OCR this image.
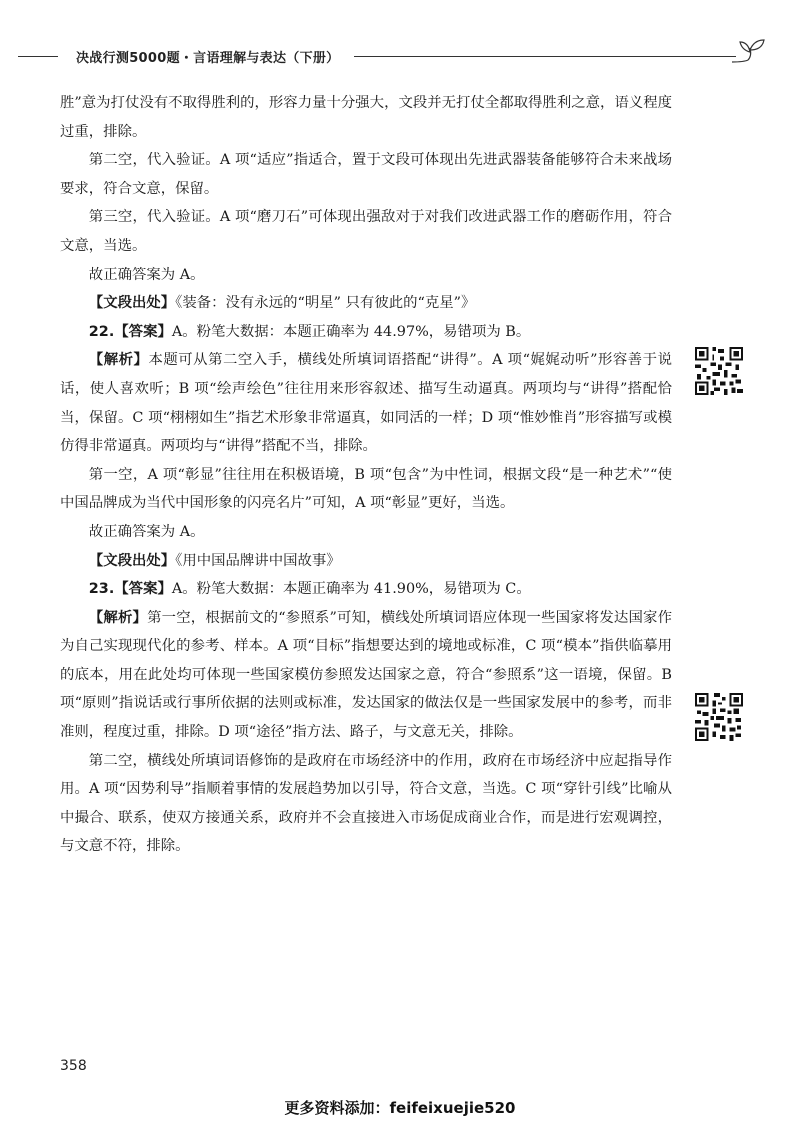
决战行测5000题・言语理解与表达（下册）

胜”意为打仗没有不取得胜利的，形容力量十分强大，文段并无打仗全都取得胜利之意，语义程度过重，排除。

第二空，代入验证。A 项“适应”指适合，置于文段可体现出先进武器装备能够符合未来战场要求，符合文意，保留。

第三空，代入验证。A 项“磨刀石”可体现出强敌对于对我们改进武器工作的磨砺作用，符合文意，当选。

故正确答案为 A。

【文段出处】《装备：没有永远的“明星” 只有彼此的“克星”》

22.【答案】A。粉笔大数据：本题正确率为 44.97%，易错项为 B。

【解析】本题可从第二空入手，横线处所填词语搭配“讲得”。A 项“娓娓动听”形容善于说话，使人喜欢听；B 项“绘声绘色”往往用来形容叙述、描写生动逼真。两项均与“讲得”搭配恰当，保留。C 项“栩栩如生”指艺术形象非常逼真，如同活的一样；D 项“惟妙惟肖”形容描写或模仿得非常逼真。两项均与“讲得”搭配不当，排除。

第一空，A 项“彰显”往往用在积极语境，B 项“包含”为中性词，根据文段“是一种艺术”“使中国品牌成为当代中国形象的闪亮名片”可知，A 项“彰显”更好，当选。

故正确答案为 A。

【文段出处】《用中国品牌讲中国故事》

23.【答案】A。粉笔大数据：本题正确率为 41.90%，易错项为 C。

【解析】第一空，根据前文的“参照系”可知，横线处所填词语应体现一些国家将发达国家作为自己实现现代化的参考、样本。A 项“目标”指想要达到的境地或标准，C 项“模本”指供临摹用的底本，用在此处均可体现一些国家模仿参照发达国家之意，符合“参照系”这一语境，保留。B 项“原则”指说话或行事所依据的法则或标准，发达国家的做法仅是一些国家发展中的参考，而非准则，程度过重，排除。D 项“途径”指方法、路子，与文意无关，排除。

第二空，横线处所填词语修饰的是政府在市场经济中的作用，政府在市场经济中应起指导作用。A 项“因势利导”指顺着事情的发展趋势加以引导，符合文意，当选。C 项“穿针引线”比喻从中撮合、联系，使双方接通关系，政府并不会直接进入市场促成商业合作，而是进行宏观调控，与文意不符，排除。

358
更多资料添加：feifeixuejie520
